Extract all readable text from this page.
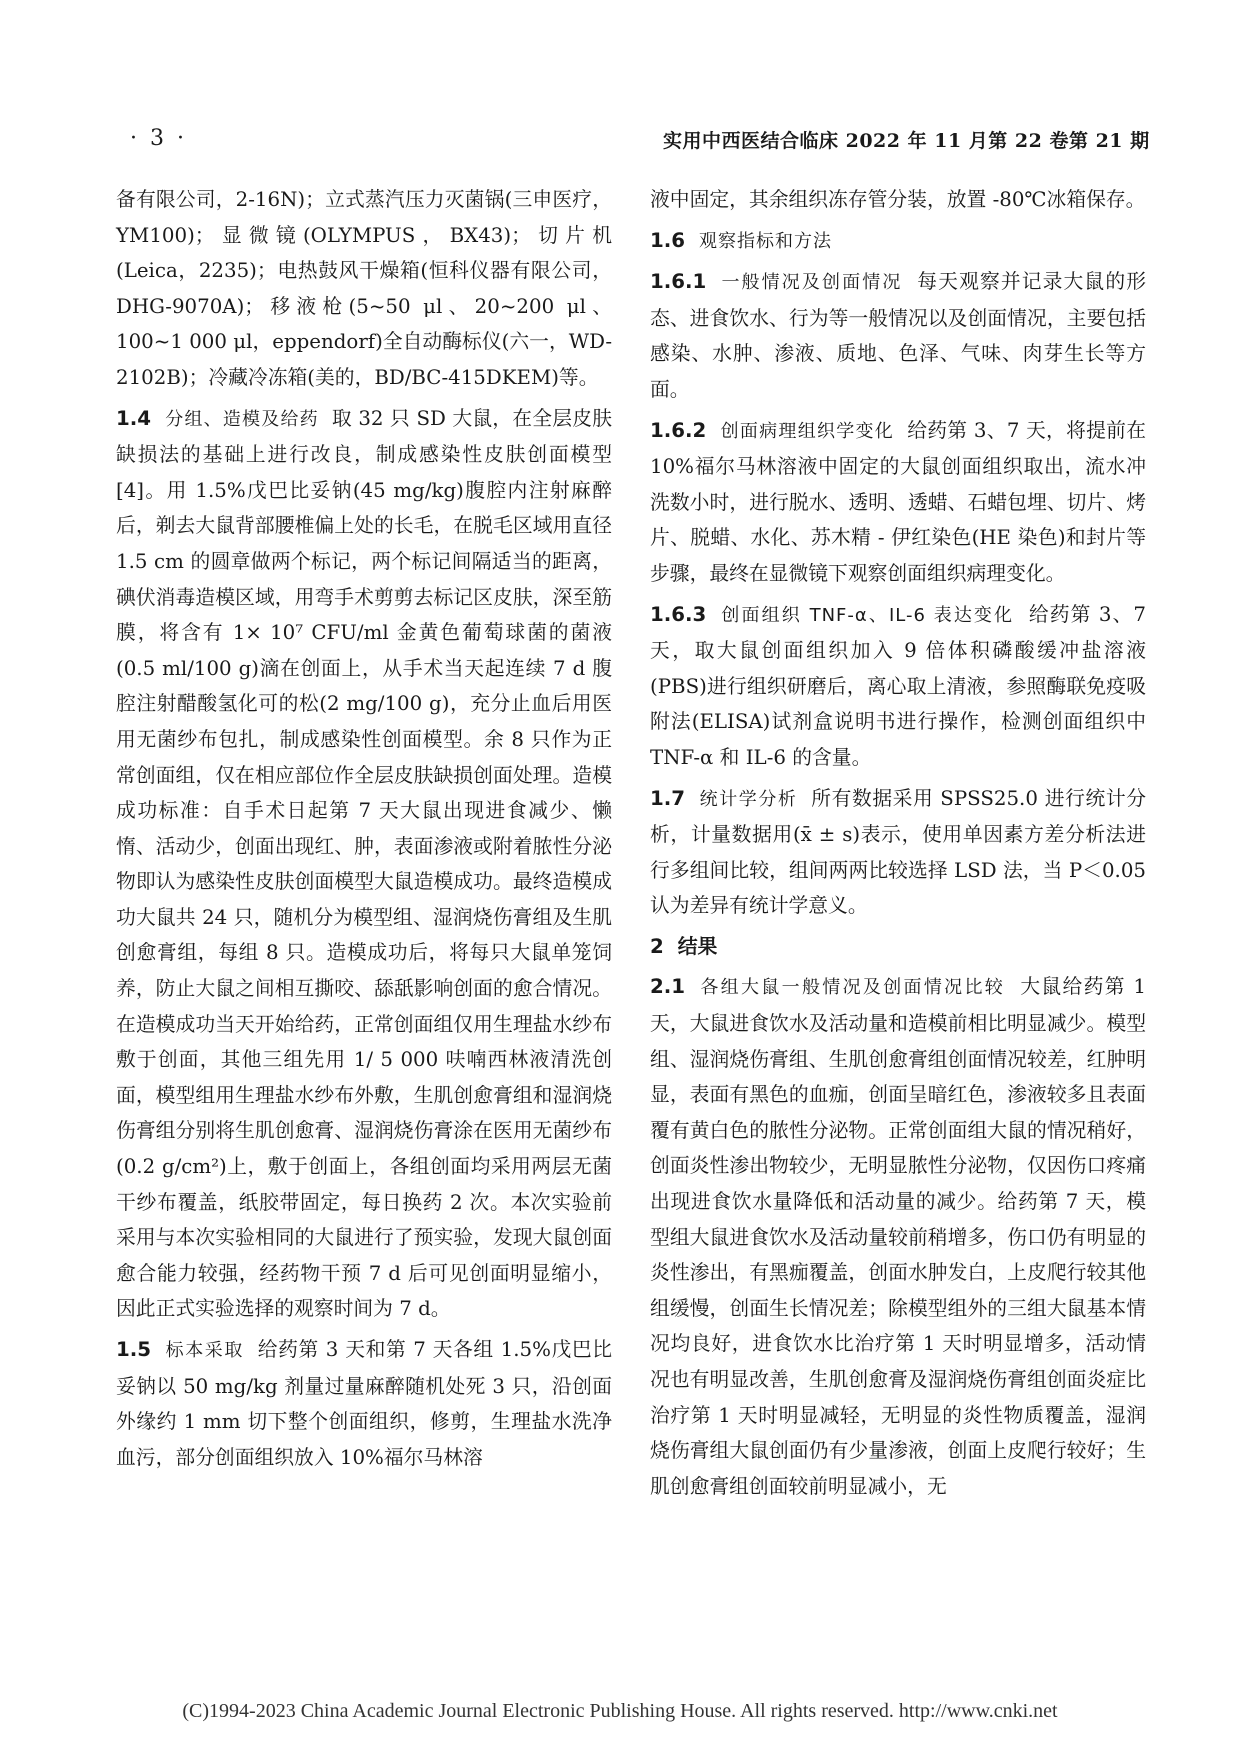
· 3 ·	实用中西医结合临床 2022 年 11 月第 22 卷第 21 期

备有限公司，2-16N)；立式蒸汽压力灭菌锅(三申医疗，YM100)；显微镜(OLYMPUS，BX43)；切片机(Leica，2235)；电热鼓风干燥箱(恒科仪器有限公司，DHG-9070A)；移液枪(5~50 μl、20~200 μl、100~1 000 μl，eppendorf)全自动酶标仪(六一，WD-2102B)；冷藏冷冻箱(美的，BD/BC-415DKEM)等。

1.4 分组、造模及给药 取 32 只 SD 大鼠，在全层皮肤缺损法的基础上进行改良，制成感染性皮肤创面模型[4]。用 1.5%戊巴比妥钠(45 mg/kg)腹腔内注射麻醉后，剃去大鼠背部腰椎偏上处的长毛，在脱毛区域用直径 1.5 cm 的圆章做两个标记，两个标记间隔适当的距离，碘伏消毒造模区域，用弯手术剪剪去标记区皮肤，深至筋膜，将含有 1× 10⁷ CFU/ml 金黄色葡萄球菌的菌液(0.5 ml/100 g)滴在创面上，从手术当天起连续 7 d 腹腔注射醋酸氢化可的松(2 mg/100 g)，充分止血后用医用无菌纱布包扎，制成感染性创面模型。余 8 只作为正常创面组，仅在相应部位作全层皮肤缺损创面处理。造模成功标准：自手术日起第 7 天大鼠出现进食减少、懒惰、活动少，创面出现红、肿，表面渗液或附着脓性分泌物即认为感染性皮肤创面模型大鼠造模成功。最终造模成功大鼠共 24 只，随机分为模型组、湿润烧伤膏组及生肌创愈膏组，每组 8 只。造模成功后，将每只大鼠单笼饲养，防止大鼠之间相互撕咬、舔舐影响创面的愈合情况。在造模成功当天开始给药，正常创面组仅用生理盐水纱布敷于创面，其他三组先用 1/ 5 000 呋喃西林液清洗创面，模型组用生理盐水纱布外敷，生肌创愈膏组和湿润烧伤膏组分别将生肌创愈膏、湿润烧伤膏涂在医用无菌纱布(0.2 g/cm²)上，敷于创面上，各组创面均采用两层无菌干纱布覆盖，纸胶带固定，每日换药 2 次。本次实验前采用与本次实验相同的大鼠进行了预实验，发现大鼠创面愈合能力较强，经药物干预 7 d 后可见创面明显缩小，因此正式实验选择的观察时间为 7 d。

1.5 标本采取 给药第 3 天和第 7 天各组 1.5%戊巴比妥钠以 50 mg/kg 剂量过量麻醉随机处死 3 只，沿创面外缘约 1 mm 切下整个创面组织，修剪，生理盐水洗净血污，部分创面组织放入 10%福尔马林溶

液中固定，其余组织冻存管分装，放置 -80℃冰箱保存。

1.6 观察指标和方法

1.6.1 一般情况及创面情况 每天观察并记录大鼠的形态、进食饮水、行为等一般情况以及创面情况，主要包括感染、水肿、渗液、质地、色泽、气味、肉芽生长等方面。

1.6.2 创面病理组织学变化 给药第 3、7 天，将提前在 10%福尔马林溶液中固定的大鼠创面组织取出，流水冲洗数小时，进行脱水、透明、透蜡、石蜡包埋、切片、烤片、脱蜡、水化、苏木精 - 伊红染色(HE 染色)和封片等步骤，最终在显微镜下观察创面组织病理变化。

1.6.3 创面组织 TNF-α、IL-6 表达变化 给药第 3、7 天，取大鼠创面组织加入 9 倍体积磷酸缓冲盐溶液(PBS)进行组织研磨后，离心取上清液，参照酶联免疫吸附法(ELISA)试剂盒说明书进行操作，检测创面组织中 TNF-α 和 IL-6 的含量。

1.7 统计学分析 所有数据采用 SPSS25.0 进行统计分析，计量数据用(x̄ ± s)表示，使用单因素方差分析法进行多组间比较，组间两两比较选择 LSD 法，当 P＜0.05 认为差异有统计学意义。

2 结果

2.1 各组大鼠一般情况及创面情况比较 大鼠给药第 1 天，大鼠进食饮水及活动量和造模前相比明显减少。模型组、湿润烧伤膏组、生肌创愈膏组创面情况较差，红肿明显，表面有黑色的血痂，创面呈暗红色，渗液较多且表面覆有黄白色的脓性分泌物。正常创面组大鼠的情况稍好，创面炎性渗出物较少，无明显脓性分泌物，仅因伤口疼痛出现进食饮水量降低和活动量的减少。给药第 7 天，模型组大鼠进食饮水及活动量较前稍增多，伤口仍有明显的炎性渗出，有黑痂覆盖，创面水肿发白，上皮爬行较其他组缓慢，创面生长情况差；除模型组外的三组大鼠基本情况均良好，进食饮水比治疗第 1 天时明显增多，活动情况也有明显改善，生肌创愈膏及湿润烧伤膏组创面炎症比治疗第 1 天时明显减轻，无明显的炎性物质覆盖，湿润烧伤膏组大鼠创面仍有少量渗液，创面上皮爬行较好；生肌创愈膏组创面较前明显减小，无

(C)1994-2023 China Academic Journal Electronic Publishing House. All rights reserved. http://www.cnki.net
